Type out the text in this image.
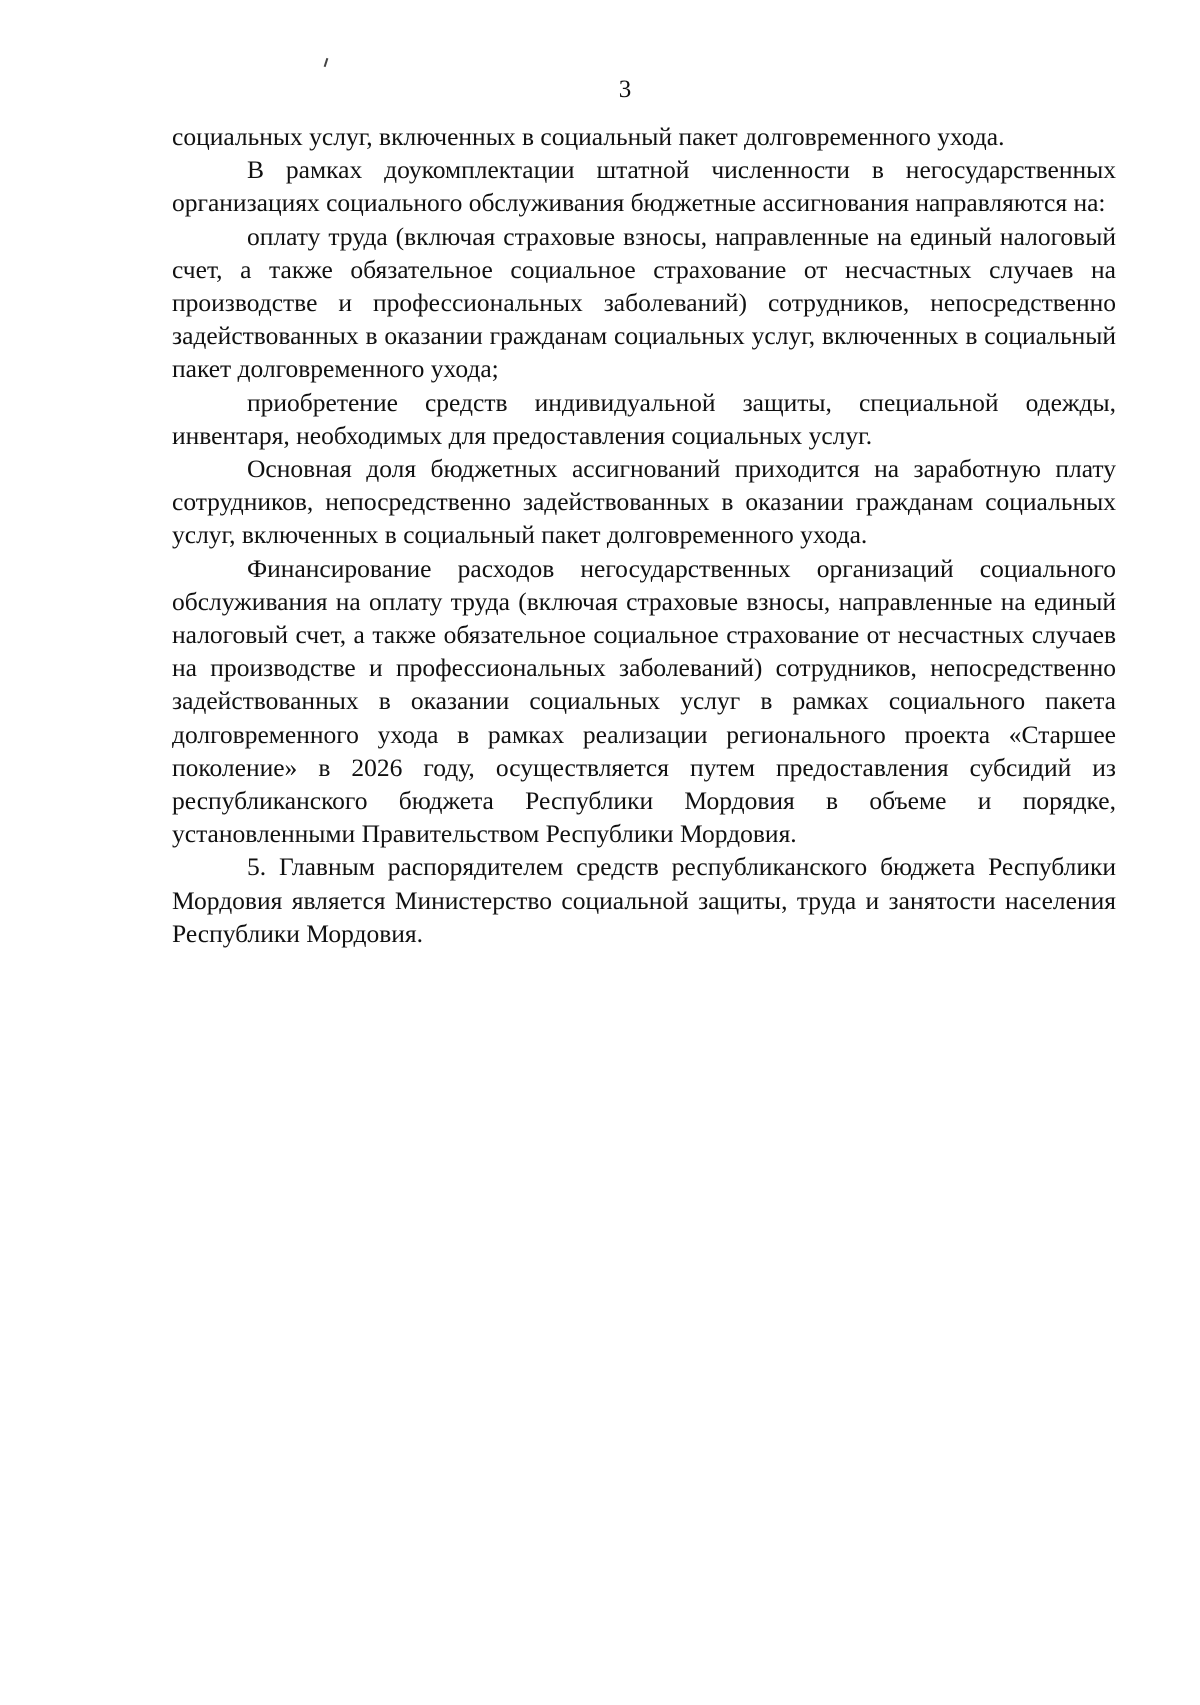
3

социальных услуг, включенных в социальный пакет долговременного ухода.

В рамках доукомплектации штатной численности в негосударственных организациях социального обслуживания бюджетные ассигнования направляются на:

оплату труда (включая страховые взносы, направленные на единый налоговый счет, а также обязательное социальное страхование от несчастных случаев на производстве и профессиональных заболеваний) сотрудников, непосредственно задействованных в оказании гражданам социальных услуг, включенных в социальный пакет долговременного ухода;

приобретение средств индивидуальной защиты, специальной одежды, инвентаря, необходимых для предоставления социальных услуг.

Основная доля бюджетных ассигнований приходится на заработную плату сотрудников, непосредственно задействованных в оказании гражданам социальных услуг, включенных в социальный пакет долговременного ухода.

Финансирование расходов негосударственных организаций социального обслуживания на оплату труда (включая страховые взносы, направленные на единый налоговый счет, а также обязательное социальное страхование от несчастных случаев на производстве и профессиональных заболеваний) сотрудников, непосредственно задействованных в оказании социальных услуг в рамках социального пакета долговременного ухода в рамках реализации регионального проекта «Старшее поколение» в 2026 году, осуществляется путем предоставления субсидий из республиканского бюджета Республики Мордовия в объеме и порядке, установленными Правительством Республики Мордовия.

5. Главным распорядителем средств республиканского бюджета Республики Мордовия является Министерство социальной защиты, труда и занятости населения Республики Мордовия.
